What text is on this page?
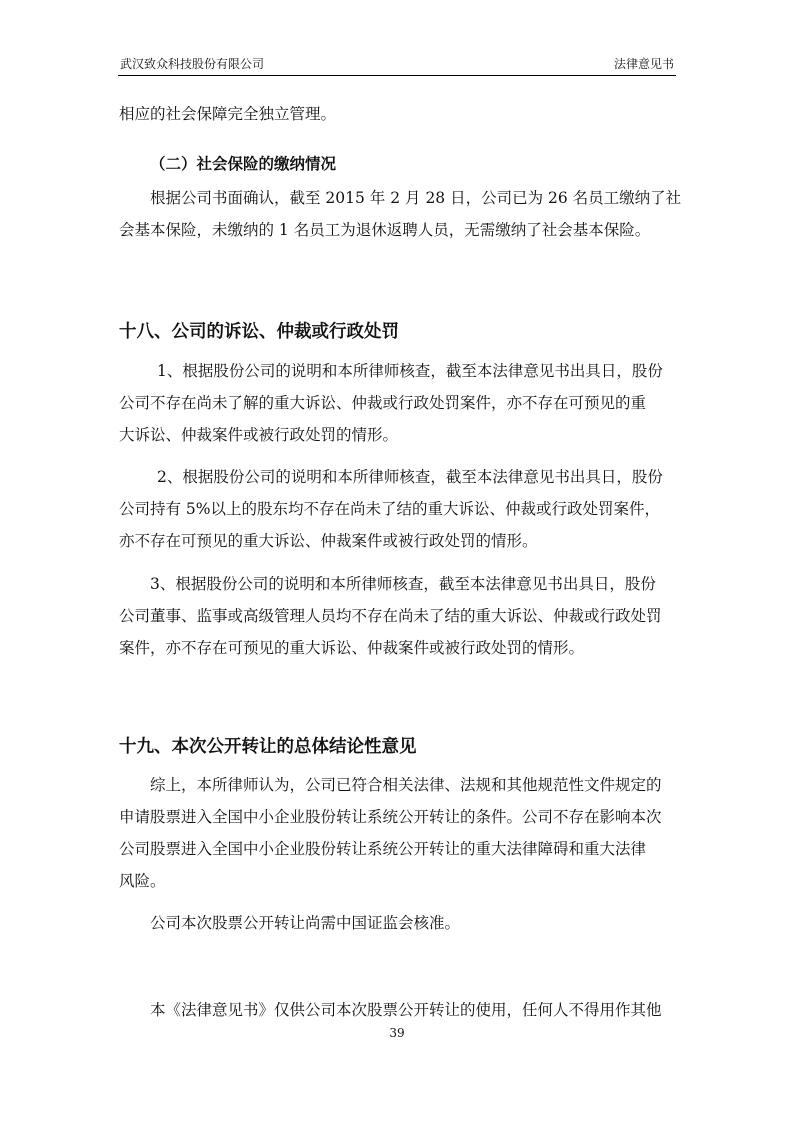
武汉致众科技股份有限公司	法律意见书
相应的社会保障完全独立管理。
（二）社会保险的缴纳情况
根据公司书面确认，截至 2015 年 2 月 28 日，公司已为 26 名员工缴纳了社
会基本保险，未缴纳的 1 名员工为退休返聘人员，无需缴纳了社会基本保险。
十八、公司的诉讼、仲裁或行政处罚
1、根据股份公司的说明和本所律师核查，截至本法律意见书出具日，股份
公司不存在尚未了解的重大诉讼、仲裁或行政处罚案件，亦不存在可预见的重
大诉讼、仲裁案件或被行政处罚的情形。
2、根据股份公司的说明和本所律师核查，截至本法律意见书出具日，股份
公司持有 5%以上的股东均不存在尚未了结的重大诉讼、仲裁或行政处罚案件，
亦不存在可预见的重大诉讼、仲裁案件或被行政处罚的情形。
3、根据股份公司的说明和本所律师核查，截至本法律意见书出具日，股份
公司董事、监事或高级管理人员均不存在尚未了结的重大诉讼、仲裁或行政处罚
案件，亦不存在可预见的重大诉讼、仲裁案件或被行政处罚的情形。
十九、本次公开转让的总体结论性意见
综上，本所律师认为，公司已符合相关法律、法规和其他规范性文件规定的
申请股票进入全国中小企业股份转让系统公开转让的条件。公司不存在影响本次
公司股票进入全国中小企业股份转让系统公开转让的重大法律障碍和重大法律
风险。
公司本次股票公开转让尚需中国证监会核准。
本《法律意见书》仅供公司本次股票公开转让的使用，任何人不得用作其他
39
